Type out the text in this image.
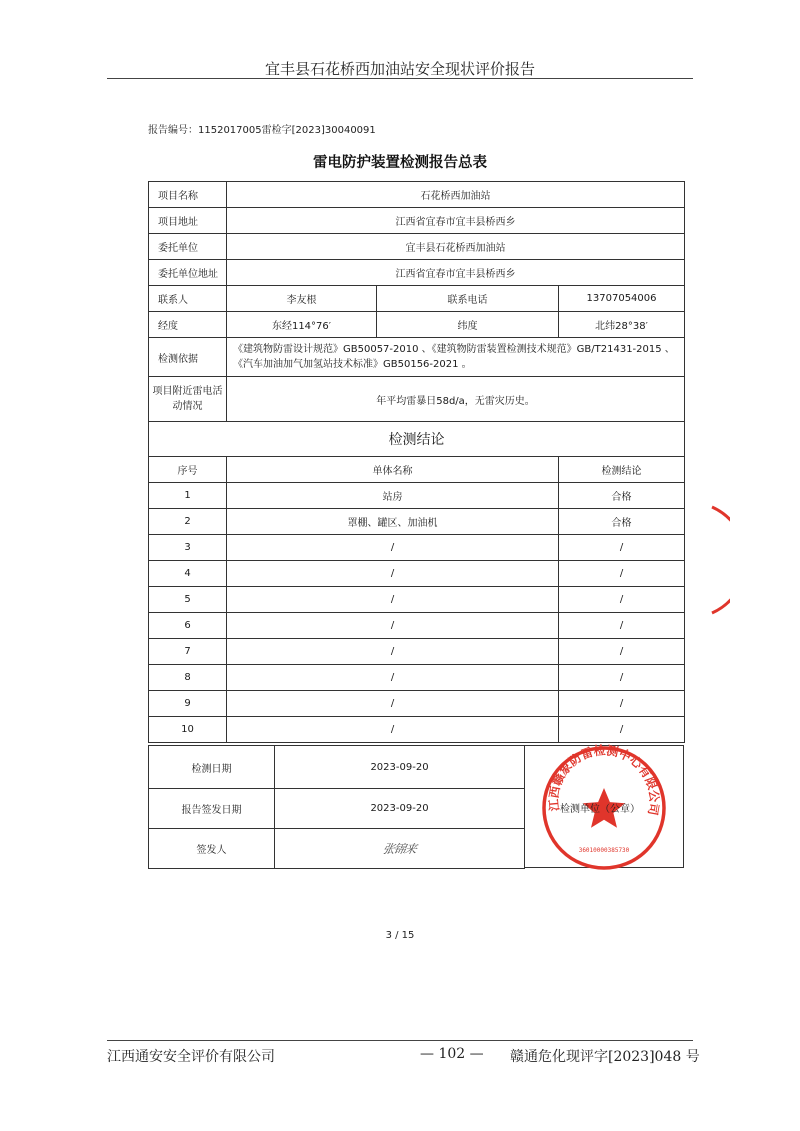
宜丰县石花桥西加油站安全现状评价报告
报告编号：1152017005雷检字[2023]30040091
雷电防护装置检测报告总表
项目名称	石花桥西加油站		
项目地址	江西省宜春市宜丰县桥西乡		
委托单位	宜丰县石花桥西加油站		
委托单位地址	江西省宜春市宜丰县桥西乡		
联系人	李友根	联系电话	13707054006
经度	东经114°76′	纬度	北纬28°38′
检测依据	《建筑物防雷设计规范》GB50057-2010 、《建筑物防雷装置检测技术规范》GB/T21431-2015 、《汽车加油加气加氢站技术标准》GB50156-2021 。		
项目附近雷电活动情况	年平均雷暴日58d/a，无雷灾历史。		
检测结论			
序号	单体名称		检测结论
1	站房		合格
2	罩棚、罐区、加油机		合格
3	/		/
4	/		/
5	/		/
6	/		/
7	/		/
8	/		/
9	/		/
10	/		/
检测日期	2023-09-20
报告签发日期	2023-09-20
签发人	张锦来
江西赣象防雷检测中心有限公司
36010000385730
检测单位（公章）
3 / 15
江西通安安全评价有限公司	— 102 — 赣通危化现评字[2023]048 号
